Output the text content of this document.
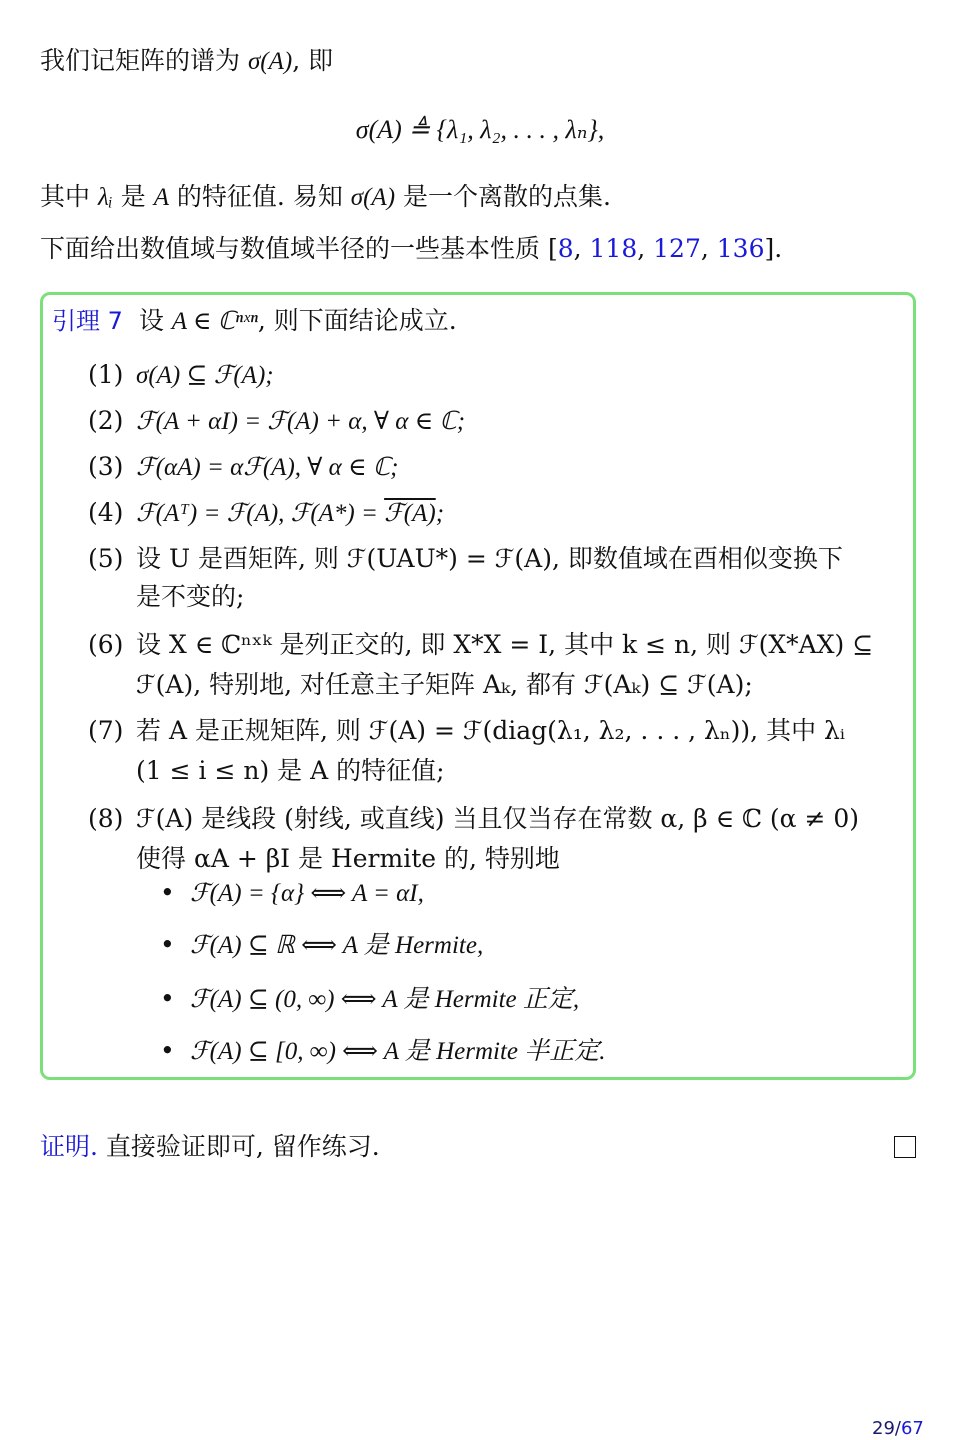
我们记矩阵的谱为 σ(A), 即
σ(A) ≜ {λ₁, λ₂, . . . , λₙ},
其中 λᵢ 是 A 的特征值. 易知 σ(A) 是一个离散的点集.
下面给出数值域与数值域半径的一些基本性质 [8, 118, 127, 136].
引理 7 设 A ∈ ℂⁿˣⁿ, 则下面结论成立.
(1) σ(A) ⊆ ℱ(A);
(2) ℱ(A + αI) = ℱ(A) + α, ∀ α ∈ ℂ;
(3) ℱ(αA) = αℱ(A), ∀ α ∈ ℂ;
(4) ℱ(Aᵀ) = ℱ(A), ℱ(A*) = ℱ(A);
(5) 设 U 是酉矩阵, 则 ℱ(UAU*) = ℱ(A), 即数值域在酉相似变换下
是不变的;
(6) 设 X ∈ ℂⁿˣᵏ 是列正交的, 即 X*X = I, 其中 k ≤ n, 则 ℱ(X*AX) ⊆
ℱ(A), 特别地, 对任意主子矩阵 Aₖ, 都有 ℱ(Aₖ) ⊆ ℱ(A);
(7) 若 A 是正规矩阵, 则 ℱ(A) = ℱ(diag(λ₁, λ₂, . . . , λₙ)), 其中 λᵢ
(1 ≤ i ≤ n) 是 A 的特征值;
(8) ℱ(A) 是线段 (射线, 或直线) 当且仅当存在常数 α, β ∈ ℂ (α ≠ 0)
使得 αA + βI 是 Hermite 的, 特别地
• ℱ(A) = {α} ⟺ A = αI,
• ℱ(A) ⊆ ℝ ⟺ A 是 Hermite,
• ℱ(A) ⊆ (0, ∞) ⟺ A 是 Hermite 正定,
• ℱ(A) ⊆ [0, ∞) ⟺ A 是 Hermite 半正定.
证明. 直接验证即可, 留作练习.
29/67
